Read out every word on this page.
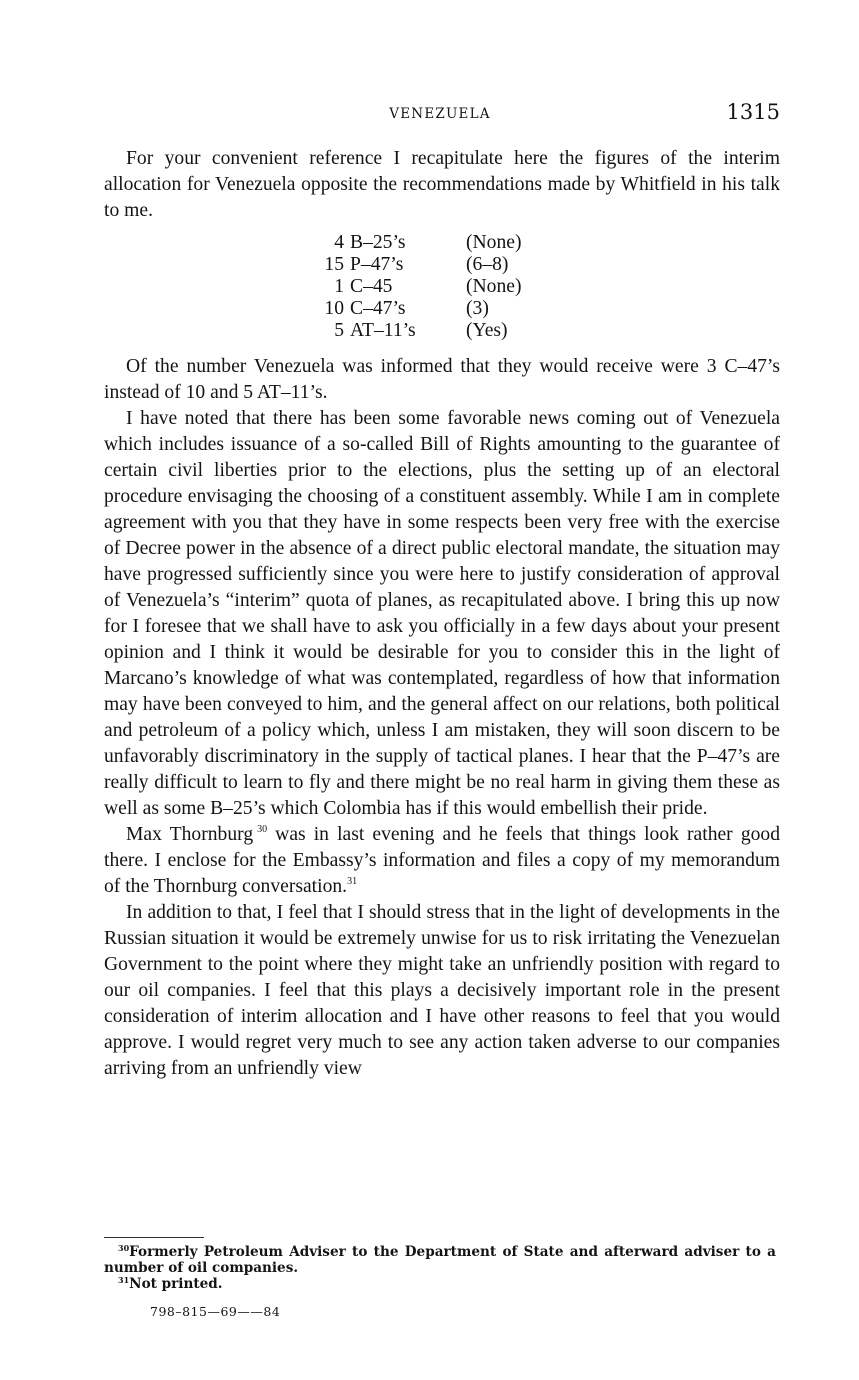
VENEZUELA	1315

For your convenient reference I recapitulate here the figures of the interim allocation for Venezuela opposite the recommendations made by Whitfield in his talk to me.

4	B–25’s	(None)
15	P–47’s	(6–8)
1	C–45	(None)
10	C–47’s	(3)
5	AT–11’s	(Yes)

Of the number Venezuela was informed that they would receive were 3 C–47’s instead of 10 and 5 AT–11’s.

I have noted that there has been some favorable news coming out of Venezuela which includes issuance of a so-called Bill of Rights amounting to the guarantee of certain civil liberties prior to the elections, plus the setting up of an electoral procedure envisaging the choosing of a constituent assembly. While I am in complete agreement with you that they have in some respects been very free with the exercise of Decree power in the absence of a direct public electoral mandate, the situation may have progressed sufficiently since you were here to justify consideration of approval of Venezuela’s “interim” quota of planes, as recapitulated above. I bring this up now for I foresee that we shall have to ask you officially in a few days about your present opinion and I think it would be desirable for you to consider this in the light of Marcano’s knowledge of what was contemplated, regardless of how that information may have been conveyed to him, and the general affect on our relations, both political and petroleum of a policy which, unless I am mistaken, they will soon discern to be unfavorably discriminatory in the supply of tactical planes. I hear that the P–47’s are really difficult to learn to fly and there might be no real harm in giving them these as well as some B–25’s which Colombia has if this would embellish their pride.

Max Thornburg  $^{30}$ was in last evening and he feels that things look rather good there. I enclose for the Embassy’s information and files a copy of my memorandum of the Thornburg conversation.$^{31}$

In addition to that, I feel that I should stress that in the light of developments in the Russian situation it would be extremely unwise for us to risk irritating the Venezuelan Government to the point where they might take an unfriendly position with regard to our oil companies. I feel that this plays a decisively important role in the present consideration of interim allocation and I have other reasons to feel that you would approve. I would regret very much to see any action taken adverse to our companies arriving from an unfriendly view

$^{30}$Formerly Petroleum Adviser to the Department of State and afterward adviser to a number of oil companies.

$^{31}$Not printed.

798–815—69——84
